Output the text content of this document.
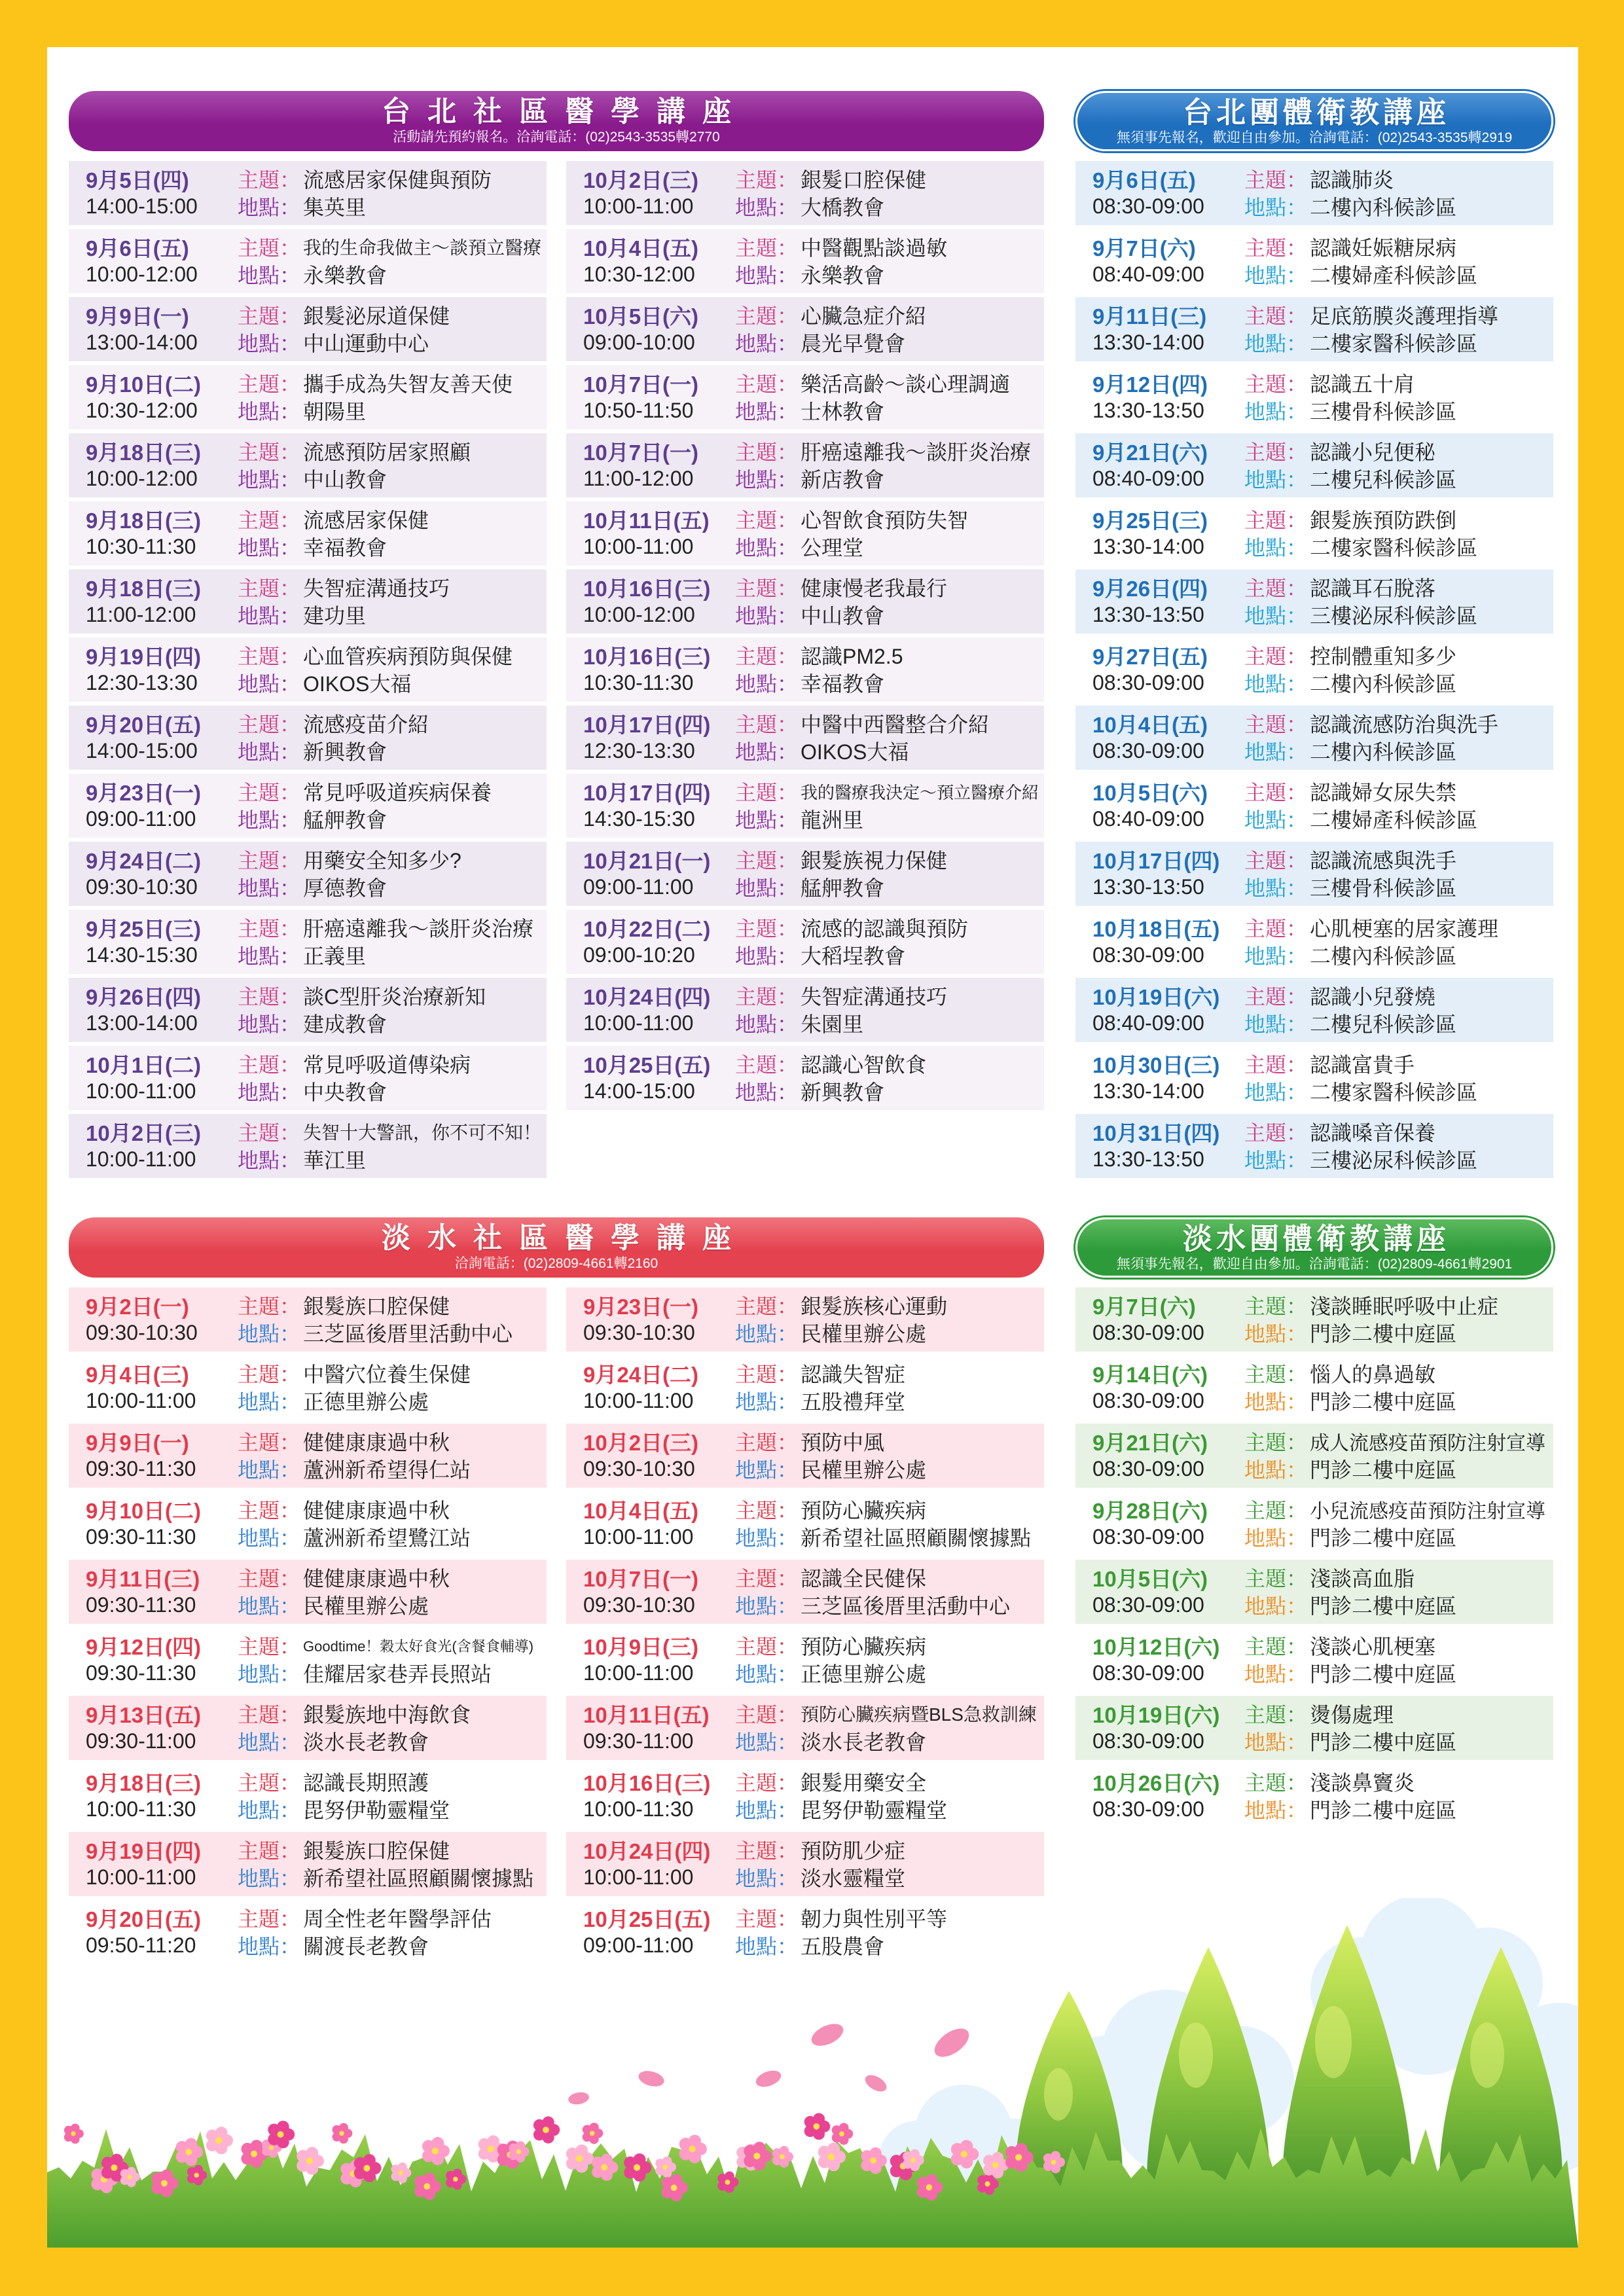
台北社區醫學講座
活動請先預約報名。洽詢電話：(02)2543-3535轉2770
9月5日(四)	主題： 流感居家保健與預防
14:00-15:00	地點： 集英里
9月6日(五)	主題： 我的生命我做主～談預立醫療
10:00-12:00	地點： 永樂教會
9月9日(一)	主題： 銀髮泌尿道保健
13:00-14:00	地點： 中山運動中心
9月10日(二)	主題： 攜手成為失智友善天使
10:30-12:00	地點： 朝陽里
9月18日(三)	主題： 流感預防居家照顧
10:00-12:00	地點： 中山教會
9月18日(三)	主題： 流感居家保健
10:30-11:30	地點： 幸福教會
9月18日(三)	主題： 失智症溝通技巧
11:00-12:00	地點： 建功里
9月19日(四)	主題： 心血管疾病預防與保健
12:30-13:30	地點： OIKOS大福
9月20日(五)	主題： 流感疫苗介紹
14:00-15:00	地點： 新興教會
9月23日(一)	主題： 常見呼吸道疾病保養
09:00-11:00	地點： 艋舺教會
9月24日(二)	主題： 用藥安全知多少?
09:30-10:30	地點： 厚德教會
9月25日(三)	主題： 肝癌遠離我～談肝炎治療
14:30-15:30	地點： 正義里
9月26日(四)	主題： 談C型肝炎治療新知
13:00-14:00	地點： 建成教會
10月1日(二)	主題： 常見呼吸道傳染病
10:00-11:00	地點： 中央教會
10月2日(三)	主題： 失智十大警訊，你不可不知！
10:00-11:00	地點： 華江里
10月2日(三)	主題： 銀髮口腔保健
10:00-11:00	地點： 大橋教會
10月4日(五)	主題： 中醫觀點談過敏
10:30-12:00	地點： 永樂教會
10月5日(六)	主題： 心臟急症介紹
09:00-10:00	地點： 晨光早覺會
10月7日(一)	主題： 樂活高齡～談心理調適
10:50-11:50	地點： 士林教會
10月7日(一)	主題： 肝癌遠離我～談肝炎治療
11:00-12:00	地點： 新店教會
10月11日(五)	主題： 心智飲食預防失智
10:00-11:00	地點： 公理堂
10月16日(三)	主題： 健康慢老我最行
10:00-12:00	地點： 中山教會
10月16日(三)	主題： 認識PM2.5
10:30-11:30	地點： 幸福教會
10月17日(四)	主題： 中醫中西醫整合介紹
12:30-13:30	地點： OIKOS大福
10月17日(四)	主題： 我的醫療我決定～預立醫療介紹
14:30-15:30	地點： 龍洲里
10月21日(一)	主題： 銀髮族視力保健
09:00-11:00	地點： 艋舺教會
10月22日(二)	主題： 流感的認識與預防
09:00-10:20	地點： 大稻埕教會
10月24日(四)	主題： 失智症溝通技巧
10:00-11:00	地點： 朱園里
10月25日(五)	主題： 認識心智飲食
14:00-15:00	地點： 新興教會
台北團體衛教講座
無須事先報名，歡迎自由參加。洽詢電話：(02)2543-3535轉2919
9月6日(五)	主題： 認識肺炎
08:30-09:00	地點： 二樓內科候診區
9月7日(六)	主題： 認識妊娠糖尿病
08:40-09:00	地點： 二樓婦產科候診區
9月11日(三)	主題： 足底筋膜炎護理指導
13:30-14:00	地點： 二樓家醫科候診區
9月12日(四)	主題： 認識五十肩
13:30-13:50	地點： 三樓骨科候診區
9月21日(六)	主題： 認識小兒便秘
08:40-09:00	地點： 二樓兒科候診區
9月25日(三)	主題： 銀髮族預防跌倒
13:30-14:00	地點： 二樓家醫科候診區
9月26日(四)	主題： 認識耳石脫落
13:30-13:50	地點： 三樓泌尿科候診區
9月27日(五)	主題： 控制體重知多少
08:30-09:00	地點： 二樓內科候診區
10月4日(五)	主題： 認識流感防治與洗手
08:30-09:00	地點： 二樓內科候診區
10月5日(六)	主題： 認識婦女尿失禁
08:40-09:00	地點： 二樓婦產科候診區
10月17日(四)	主題： 認識流感與洗手
13:30-13:50	地點： 三樓骨科候診區
10月18日(五)	主題： 心肌梗塞的居家護理
08:30-09:00	地點： 二樓內科候診區
10月19日(六)	主題： 認識小兒發燒
08:40-09:00	地點： 二樓兒科候診區
10月30日(三)	主題： 認識富貴手
13:30-14:00	地點： 二樓家醫科候診區
10月31日(四)	主題： 認識嗓音保養
13:30-13:50	地點： 三樓泌尿科候診區
淡水社區醫學講座
洽詢電話：(02)2809-4661轉2160
9月2日(一)	主題： 銀髮族口腔保健
09:30-10:30	地點： 三芝區後厝里活動中心
9月4日(三)	主題： 中醫穴位養生保健
10:00-11:00	地點： 正德里辦公處
9月9日(一)	主題： 健健康康過中秋
09:30-11:30	地點： 蘆洲新希望得仁站
9月10日(二)	主題： 健健康康過中秋
09:30-11:30	地點： 蘆洲新希望鷺江站
9月11日(三)	主題： 健健康康過中秋
09:30-11:30	地點： 民權里辦公處
9月12日(四)	主題： Goodtime！穀太好食光(含餐食輔導)
09:30-11:30	地點： 佳耀居家巷弄長照站
9月13日(五)	主題： 銀髮族地中海飲食
09:30-11:00	地點： 淡水長老教會
9月18日(三)	主題： 認識長期照護
10:00-11:30	地點： 毘努伊勒靈糧堂
9月19日(四)	主題： 銀髮族口腔保健
10:00-11:00	地點： 新希望社區照顧關懷據點
9月20日(五)	主題： 周全性老年醫學評估
09:50-11:20	地點： 關渡長老教會
9月23日(一)	主題： 銀髮族核心運動
09:30-10:30	地點： 民權里辦公處
9月24日(二)	主題： 認識失智症
10:00-11:00	地點： 五股禮拜堂
10月2日(三)	主題： 預防中風
09:30-10:30	地點： 民權里辦公處
10月4日(五)	主題： 預防心臟疾病
10:00-11:00	地點： 新希望社區照顧關懷據點
10月7日(一)	主題： 認識全民健保
09:30-10:30	地點： 三芝區後厝里活動中心
10月9日(三)	主題： 預防心臟疾病
10:00-11:00	地點： 正德里辦公處
10月11日(五)	主題： 預防心臟疾病暨BLS急救訓練
09:30-11:00	地點： 淡水長老教會
10月16日(三)	主題： 銀髮用藥安全
10:00-11:30	地點： 毘努伊勒靈糧堂
10月24日(四)	主題： 預防肌少症
10:00-11:00	地點： 淡水靈糧堂
10月25日(五)	主題： 韌力與性別平等
09:00-11:00	地點： 五股農會
淡水團體衛教講座
無須事先報名，歡迎自由參加。洽詢電話：(02)2809-4661轉2901
9月7日(六)	主題： 淺談睡眠呼吸中止症
08:30-09:00	地點： 門診二樓中庭區
9月14日(六)	主題： 惱人的鼻過敏
08:30-09:00	地點： 門診二樓中庭區
9月21日(六)	主題： 成人流感疫苗預防注射宣導
08:30-09:00	地點： 門診二樓中庭區
9月28日(六)	主題： 小兒流感疫苗預防注射宣導
08:30-09:00	地點： 門診二樓中庭區
10月5日(六)	主題： 淺談高血脂
08:30-09:00	地點： 門診二樓中庭區
10月12日(六)	主題： 淺談心肌梗塞
08:30-09:00	地點： 門診二樓中庭區
10月19日(六)	主題： 燙傷處理
08:30-09:00	地點： 門診二樓中庭區
10月26日(六)	主題： 淺談鼻竇炎
08:30-09:00	地點： 門診二樓中庭區
